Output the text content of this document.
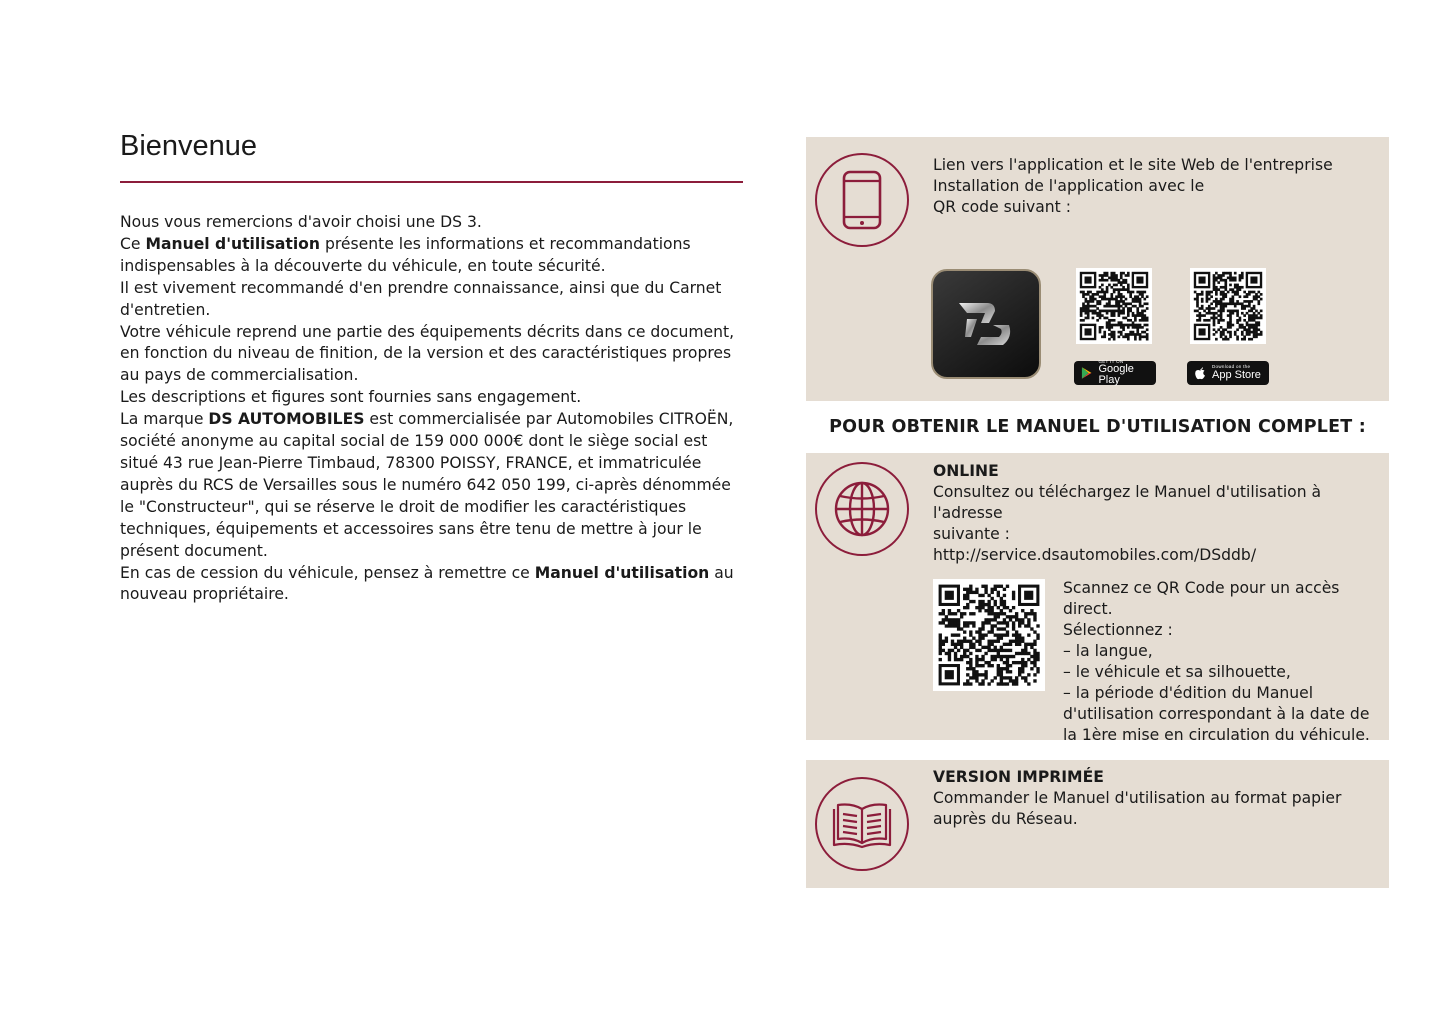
Bienvenue

Nous vous remercions d'avoir choisi une DS 3.

Ce Manuel d'utilisation présente les informations et recommandations indispensables à la découverte du véhicule, en toute sécurité.

Il est vivement recommandé d'en prendre connaissance, ainsi que du Carnet d'entretien.

Votre véhicule reprend une partie des équipements décrits dans ce document, en fonction du niveau de finition, de la version et des caractéristiques propres au pays de commercialisation.

Les descriptions et figures sont fournies sans engagement.

La marque DS AUTOMOBILES est commercialisée par Automobiles CITROËN, société anonyme au capital social de 159 000 000€ dont le siège social est situé 43 rue Jean-Pierre Timbaud, 78300 POISSY, FRANCE, et immatriculée auprès du RCS de Versailles sous le numéro 642 050 199, ci-après dénommée le "Constructeur", qui se réserve le droit de modifier les caractéristiques techniques, équipements et accessoires sans être tenu de mettre à jour le présent document.

En cas de cession du véhicule, pensez à remettre ce Manuel d'utilisation au nouveau propriétaire.

Lien vers l'application et le site Web de l'entreprise

Installation de l'application avec le

QR code suivant :

GET IT ON
Google Play
Download on the
App Store
POUR OBTENIR LE MANUEL D'UTILISATION COMPLET :
ONLINE

Consultez ou téléchargez le Manuel d'utilisation à l'adresse

suivante :

http://service.dsautomobiles.com/DSddb/

Scannez ce QR Code pour un accès direct.

Sélectionnez :

– la langue,

– le véhicule et sa silhouette,

– la période d'édition du Manuel d'utilisation correspondant à la date de la 1ère mise en circulation du véhicule.

VERSION IMPRIMÉE

Commander le Manuel d'utilisation au format papier

auprès du Réseau.
